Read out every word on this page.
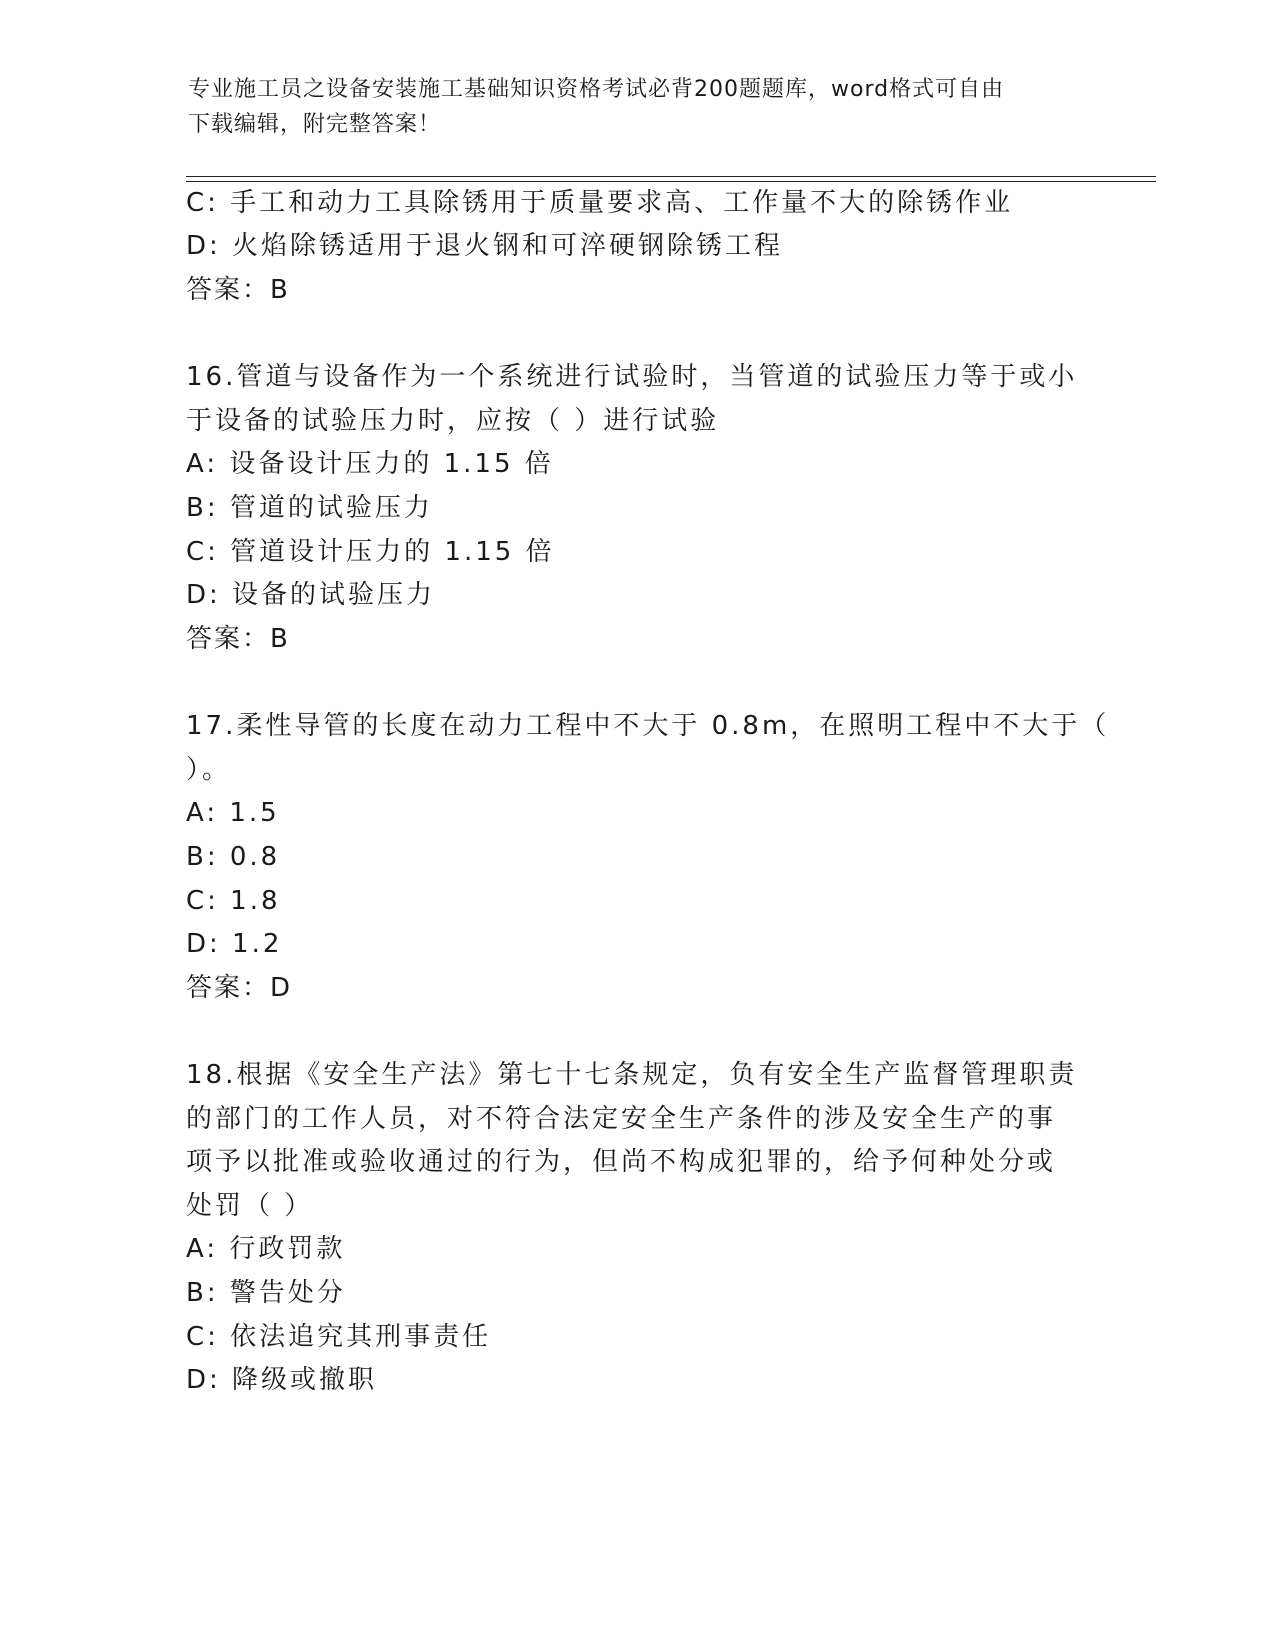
专业施工员之设备安装施工基础知识资格考试必背200题题库，word格式可自由
下载编辑，附完整答案！
C: 手工和动力工具除锈用于质量要求高、工作量不大的除锈作业
D: 火焰除锈适用于退火钢和可淬硬钢除锈工程
答案：B
16.管道与设备作为一个系统进行试验时，当管道的试验压力等于或小
于设备的试验压力时，应按（ ）进行试验
A: 设备设计压力的 1.15 倍
B: 管道的试验压力
C: 管道设计压力的 1.15 倍
D: 设备的试验压力
答案：B
17.柔性导管的长度在动力工程中不大于 0.8m，在照明工程中不大于（
）。
A: 1.5
B: 0.8
C: 1.8
D: 1.2
答案：D
18.根据《安全生产法》第七十七条规定，负有安全生产监督管理职责
的部门的工作人员，对不符合法定安全生产条件的涉及安全生产的事
项予以批准或验收通过的行为，但尚不构成犯罪的，给予何种处分或
处罚（ ）
A: 行政罚款
B: 警告处分
C: 依法追究其刑事责任
D: 降级或撤职
